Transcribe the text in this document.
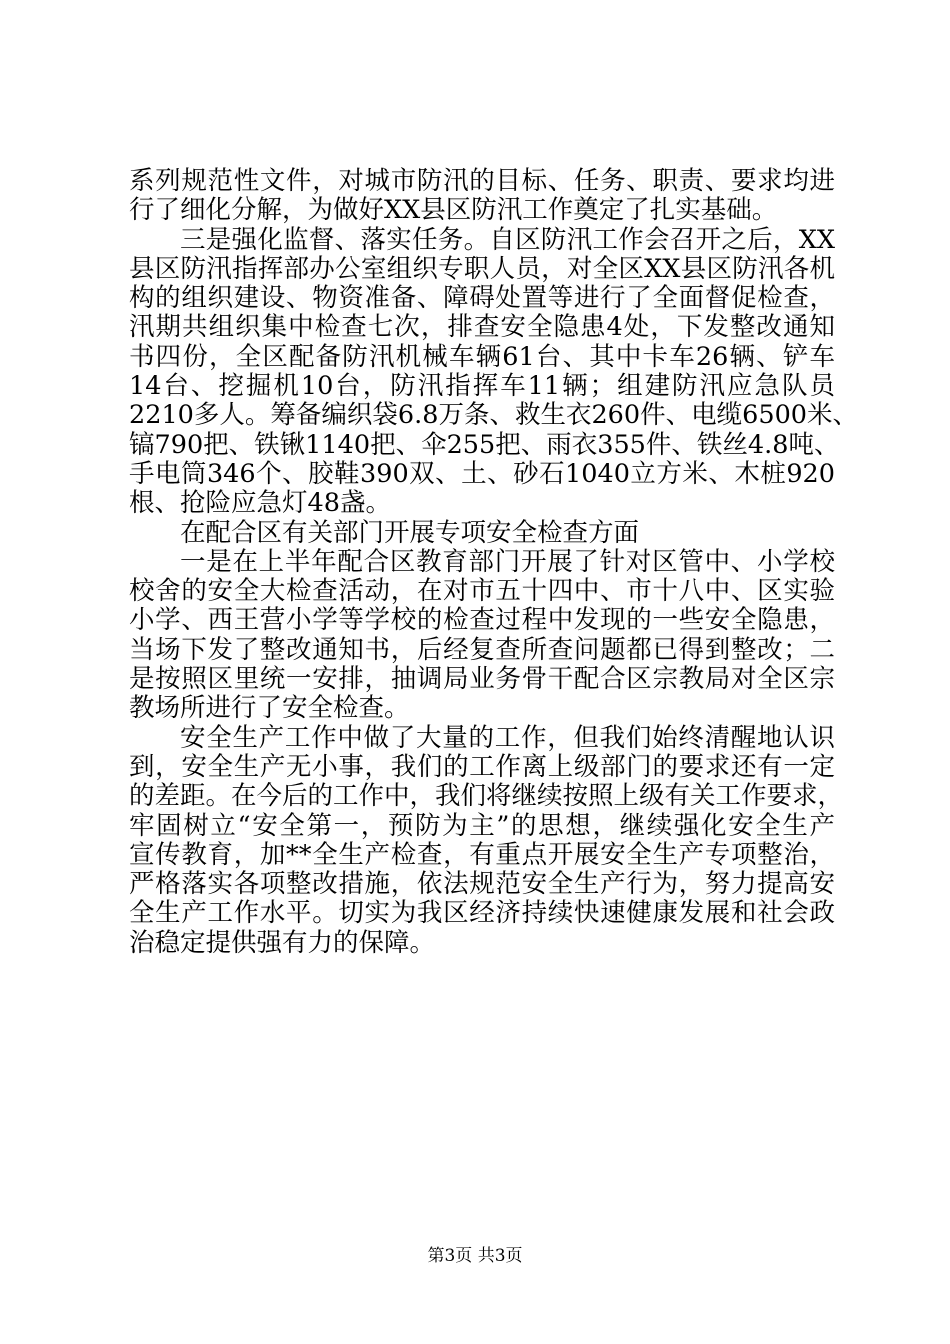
系列规范性文件，对城市防汛的目标、任务、职责、要求均进
行了细化分解，为做好XX县区防汛工作奠定了扎实基础。
三是强化监督、落实任务。自区防汛工作会召开之后，XX
县区防汛指挥部办公室组织专职人员，对全区XX县区防汛各机
构的组织建设、物资准备、障碍处置等进行了全面督促检查，
汛期共组织集中检查七次，排查安全隐患4处，下发整改通知
书四份，全区配备防汛机械车辆61台、其中卡车26辆、铲车
14台、挖掘机10台，防汛指挥车11辆；组建防汛应急队员
2210多人。筹备编织袋6.8万条、救生衣260件、电缆6500米、
镐790把、铁锹1140把、伞255把、雨衣355件、铁丝4.8吨、
手电筒346个、胶鞋390双、土、砂石1040立方米、木桩920
根、抢险应急灯48盏。
在配合区有关部门开展专项安全检查方面
一是在上半年配合区教育部门开展了针对区管中、小学校
校舍的安全大检查活动，在对市五十四中、市十八中、区实验
小学、西王营小学等学校的检查过程中发现的一些安全隐患，
当场下发了整改通知书，后经复查所查问题都已得到整改；二
是按照区里统一安排，抽调局业务骨干配合区宗教局对全区宗
教场所进行了安全检查。
安全生产工作中做了大量的工作，但我们始终清醒地认识
到，安全生产无小事，我们的工作离上级部门的要求还有一定
的差距。在今后的工作中，我们将继续按照上级有关工作要求，
牢固树立“安全第一，预防为主”的思想，继续强化安全生产
宣传教育，加**全生产检查，有重点开展安全生产专项整治，
严格落实各项整改措施，依法规范安全生产行为，努力提高安
全生产工作水平。切实为我区经济持续快速健康发展和社会政
治稳定提供强有力的保障。
第3页 共3页
